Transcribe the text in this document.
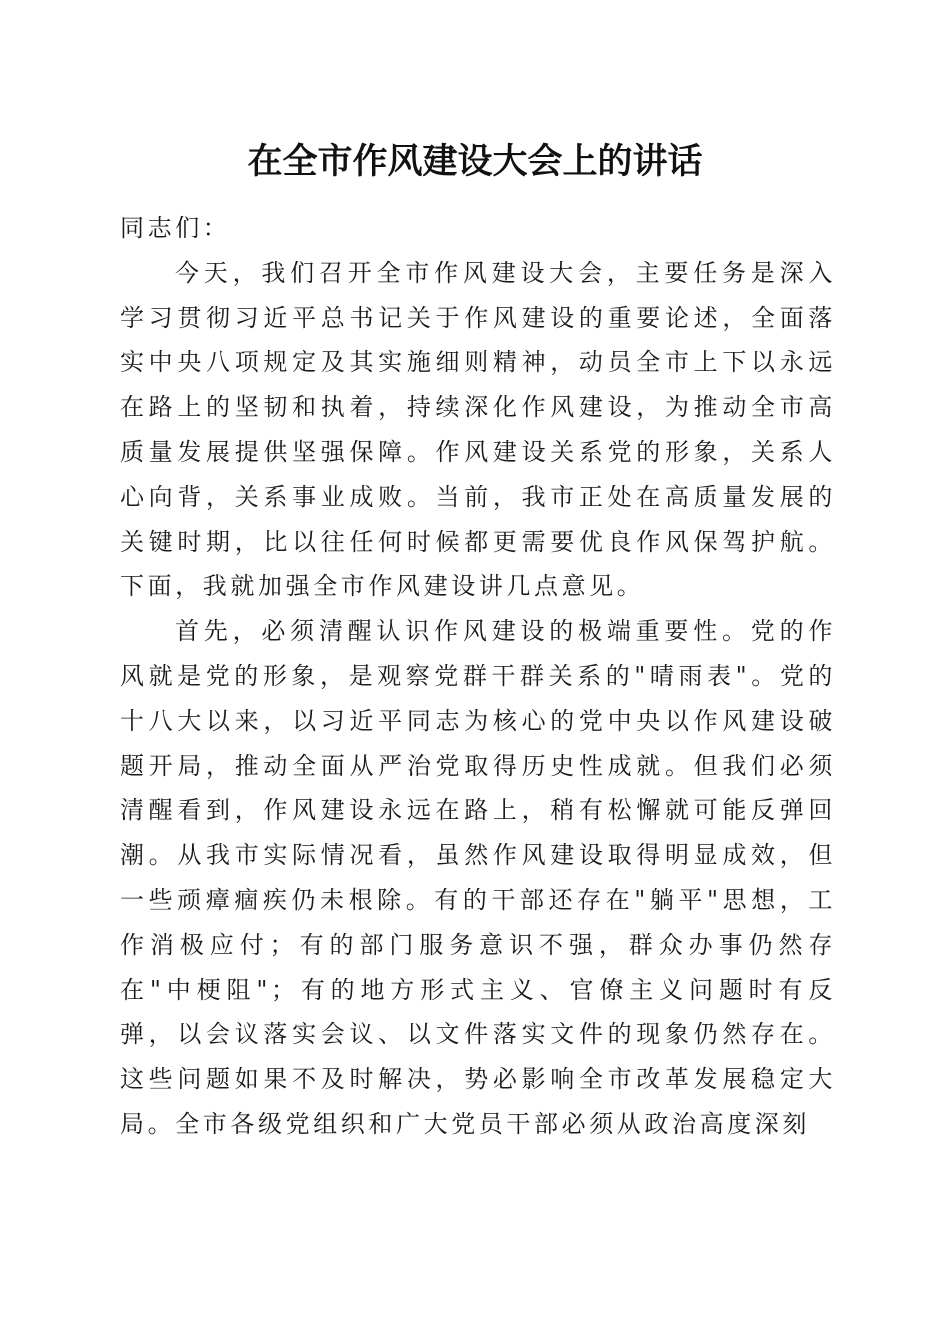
在全市作风建设大会上的讲话

同志们：

今天，我们召开全市作风建设大会，主要任务是深入学习贯彻习近平总书记关于作风建设的重要论述，全面落实中央八项规定及其实施细则精神，动员全市上下以永远在路上的坚韧和执着，持续深化作风建设，为推动全市高质量发展提供坚强保障。作风建设关系党的形象，关系人心向背，关系事业成败。当前，我市正处在高质量发展的关键时期，比以往任何时候都更需要优良作风保驾护航。下面，我就加强全市作风建设讲几点意见。

首先，必须清醒认识作风建设的极端重要性。党的作风就是党的形象，是观察党群干群关系的"晴雨表"。党的十八大以来，以习近平同志为核心的党中央以作风建设破题开局，推动全面从严治党取得历史性成就。但我们必须清醒看到，作风建设永远在路上，稍有松懈就可能反弹回潮。从我市实际情况看，虽然作风建设取得明显成效，但一些顽瘴痼疾仍未根除。有的干部还存在"躺平"思想，工作消极应付；有的部门服务意识不强，群众办事仍然存在"中梗阻"；有的地方形式主义、官僚主义问题时有反弹，以会议落实会议、以文件落实文件的现象仍然存在。这些问题如果不及时解决，势必影响全市改革发展稳定大局。全市各级党组织和广大党员干部必须从政治高度深刻
